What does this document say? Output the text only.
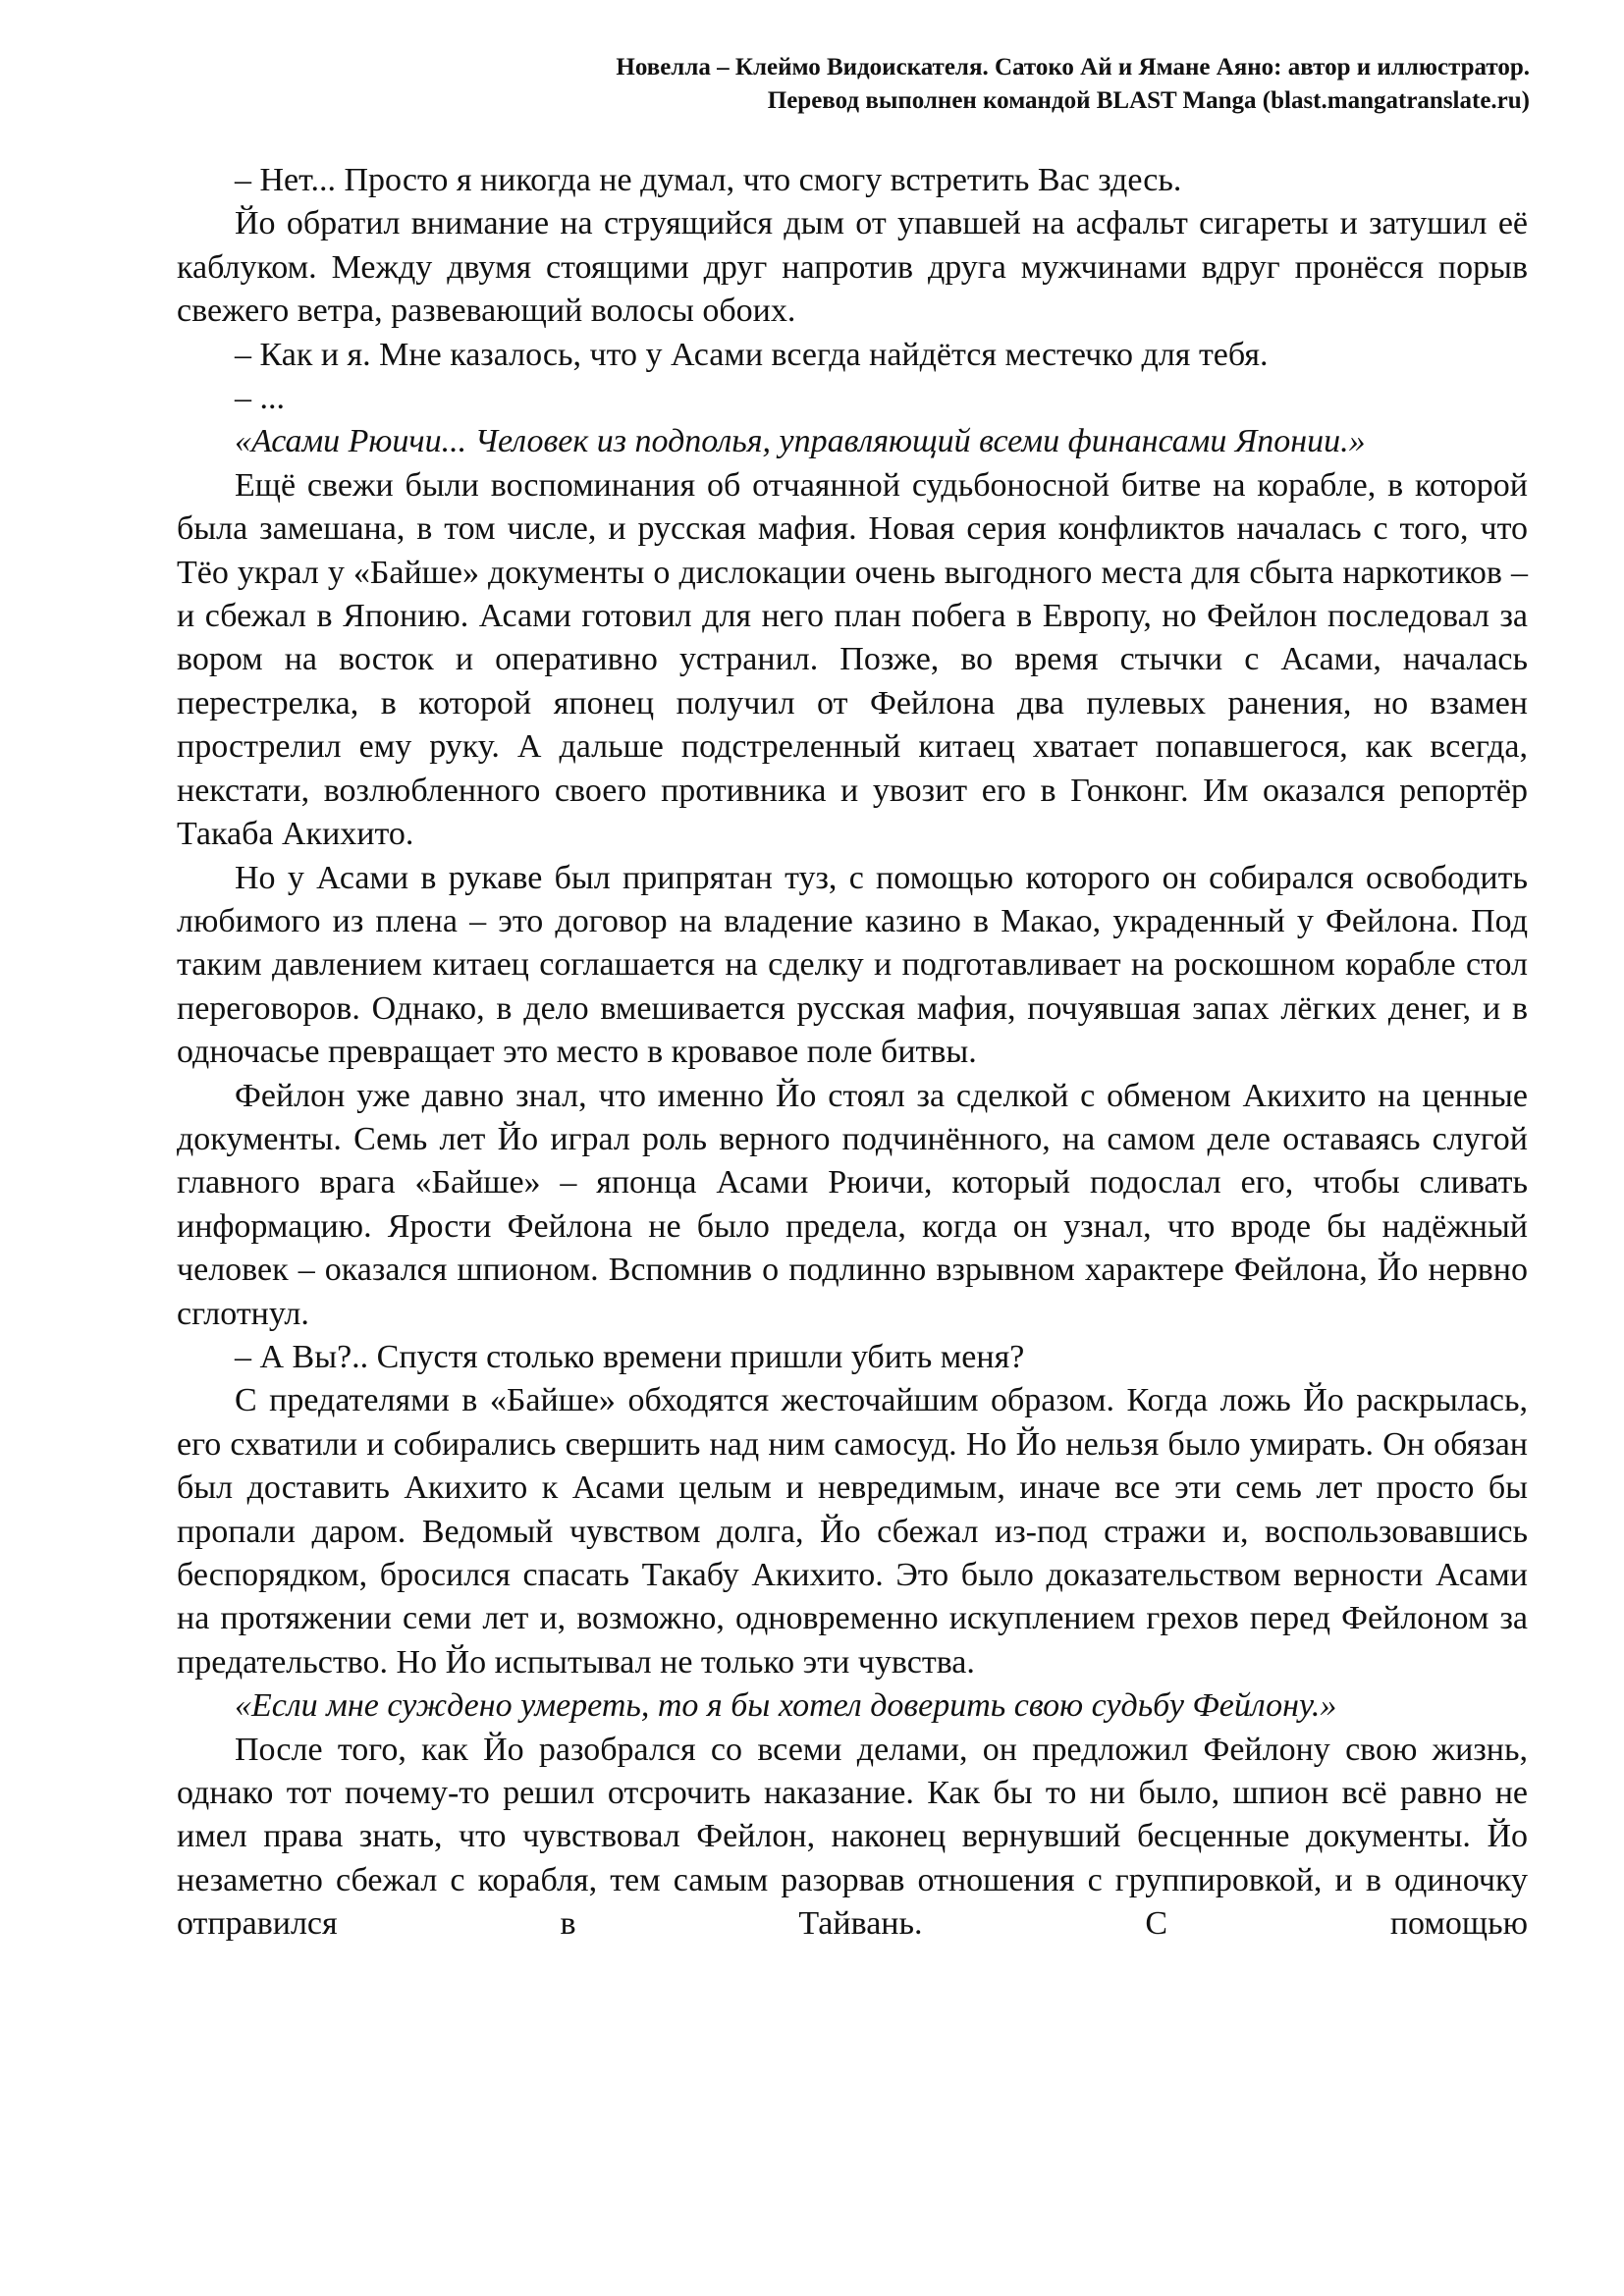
Новелла – Клеймо Видоискателя. Сатоко Ай и Ямане Аяно: автор и иллюстратор.
Перевод выполнен командой BLAST Manga (blast.mangatranslate.ru)

– Нет... Просто я никогда не думал, что смогу встретить Вас здесь.

Йо обратил внимание на струящийся дым от упавшей на асфальт сигареты и затушил её каблуком. Между двумя стоящими друг напротив друга мужчинами вдруг пронёсся порыв свежего ветра, развевающий волосы обоих.

– Как и я. Мне казалось, что у Асами всегда найдётся местечко для тебя.

– ...

«Асами Рюичи... Человек из подполья, управляющий всеми финансами Японии.»

Ещё свежи были воспоминания об отчаянной судьбоносной битве на корабле, в которой была замешана, в том числе, и русская мафия. Новая серия конфликтов началась с того, что Тёо украл у «Байше» документы о дислокации очень выгодного места для сбыта наркотиков – и сбежал в Японию. Асами готовил для него план побега в Европу, но Фейлон последовал за вором на восток и оперативно устранил. Позже, во время стычки с Асами, началась перестрелка, в которой японец получил от Фейлона два пулевых ранения, но взамен прострелил ему руку. А дальше подстреленный китаец хватает попавшегося, как всегда, некстати, возлюбленного своего противника и увозит его в Гонконг. Им оказался репортёр Такаба Акихито.

Но у Асами в рукаве был припрятан туз, с помощью которого он собирался освободить любимого из плена – это договор на владение казино в Макао, украденный у Фейлона. Под таким давлением китаец соглашается на сделку и подготавливает на роскошном корабле стол переговоров. Однако, в дело вмешивается русская мафия, почуявшая запах лёгких денег, и в одночасье превращает это место в кровавое поле битвы.

Фейлон уже давно знал, что именно Йо стоял за сделкой с обменом Акихито на ценные документы. Семь лет Йо играл роль верного подчинённого, на самом деле оставаясь слугой главного врага «Байше» – японца Асами Рюичи, который подослал его, чтобы сливать информацию. Ярости Фейлона не было предела, когда он узнал, что вроде бы надёжный человек – оказался шпионом. Вспомнив о подлинно взрывном характере Фейлона, Йо нервно сглотнул.

– А Вы?.. Спустя столько времени пришли убить меня?

С предателями в «Байше» обходятся жесточайшим образом. Когда ложь Йо раскрылась, его схватили и собирались свершить над ним самосуд. Но Йо нельзя было умирать. Он обязан был доставить Акихито к Асами целым и невредимым, иначе все эти семь лет просто бы пропали даром. Ведомый чувством долга, Йо сбежал из-под стражи и, воспользовавшись беспорядком, бросился спасать Такабу Акихито. Это было доказательством верности Асами на протяжении семи лет и, возможно, одновременно искуплением грехов перед Фейлоном за предательство. Но Йо испытывал не только эти чувства.

«Если мне суждено умереть, то я бы хотел доверить свою судьбу Фейлону.»

После того, как Йо разобрался со всеми делами, он предложил Фейлону свою жизнь, однако тот почему-то решил отсрочить наказание. Как бы то ни было, шпион всё равно не имел права знать, что чувствовал Фейлон, наконец вернувший бесценные документы. Йо незаметно сбежал с корабля, тем самым разорвав отношения с группировкой, и в одиночку отправился в Тайвань. С помощью
